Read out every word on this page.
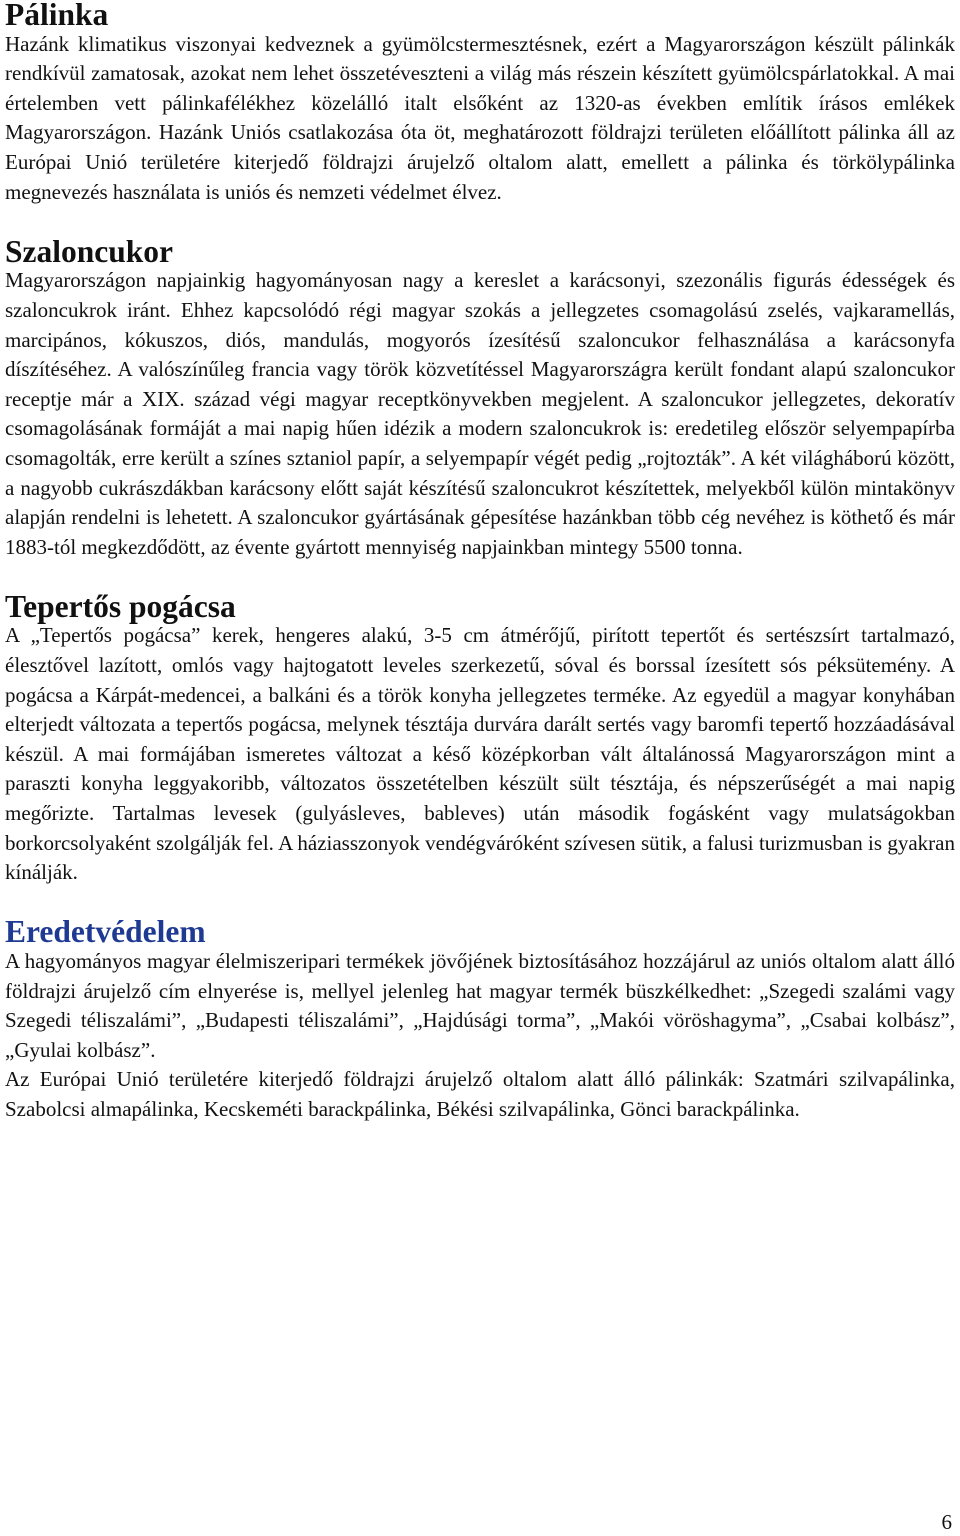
Pálinka

Hazánk klimatikus viszonyai kedveznek a gyümölcstermesztésnek, ezért a Magyarországon készült pálinkák rendkívül zamatosak, azokat nem lehet összetéveszteni a világ más részein készített gyümölcspárlatokkal. A mai értelemben vett pálinkafélékhez közelálló italt elsőként az 1320-as években említik írásos emlékek Magyarországon. Hazánk Uniós csatlakozása óta öt, meghatározott földrajzi területen előállított pálinka áll az Európai Unió területére kiterjedő földrajzi árujelző oltalom alatt, emellett a pálinka és törkölypálinka megnevezés használata is uniós és nemzeti védelmet élvez.

Szaloncukor

Magyarországon napjainkig hagyományosan nagy a kereslet a karácsonyi, szezonális figurás édességek és szaloncukrok iránt. Ehhez kapcsolódó régi magyar szokás a jellegzetes csomagolású zselés, vajkaramellás, marcipános, kókuszos, diós, mandulás, mogyorós ízesítésű szaloncukor felhasználása a karácsonyfa díszítéséhez. A valószínűleg francia vagy török közvetítéssel Magyarországra került fondant alapú szaloncukor receptje már a XIX. század végi magyar receptkönyvekben megjelent. A szaloncukor jellegzetes, dekoratív csomagolásának formáját a mai napig hűen idézik a modern szaloncukrok is: eredetileg először selyempapírba csomagolták, erre került a színes sztaniol papír, a selyempapír végét pedig „rojtozták”. A két világháború között, a nagyobb cukrászdákban karácsony előtt saját készítésű szaloncukrot készítettek, melyekből külön mintakönyv alapján rendelni is lehetett. A szaloncukor gyártásának gépesítése hazánkban több cég nevéhez is köthető és már 1883-tól megkezdődött, az évente gyártott mennyiség napjainkban mintegy 5500 tonna.

Tepertős pogácsa

A „Tepertős pogácsa” kerek, hengeres alakú, 3-5 cm átmérőjű, pirított tepertőt és sertészsírt tartalmazó, élesztővel lazított, omlós vagy hajtogatott leveles szerkezetű, sóval és borssal ízesített sós péksütemény. A pogácsa a Kárpát-medencei, a balkáni és a török konyha jellegzetes terméke. Az egyedül a magyar konyhában elterjedt változata a tepertős pogácsa, melynek tésztája durvára darált sertés vagy baromfi tepertő hozzáadásával készül. A mai formájában ismeretes változat a késő középkorban vált általánossá Magyarországon mint a paraszti konyha leggyakoribb, változatos összetételben készült sült tésztája, és népszerűségét a mai napig megőrizte. Tartalmas levesek (gulyásleves, bableves) után második fogásként vagy mulatságokban borkorcsolyaként szolgálják fel. A háziasszonyok vendégváróként szívesen sütik, a falusi turizmusban is gyakran kínálják.

Eredetvédelem

A hagyományos magyar élelmiszeripari termékek jövőjének biztosításához hozzájárul az uniós oltalom alatt álló földrajzi árujelző cím elnyerése is, mellyel jelenleg hat magyar termék büszkélkedhet: „Szegedi szalámi vagy Szegedi téliszalámi”, „Budapesti téliszalámi”, „Hajdúsági torma”, „Makói vöröshagyma”, „Csabai kolbász”, „Gyulai kolbász”.

Az Európai Unió területére kiterjedő földrajzi árujelző oltalom alatt álló pálinkák: Szatmári szilvapálinka, Szabolcsi almapálinka, Kecskeméti barackpálinka, Békési szilvapálinka, Gönci barackpálinka.

6
